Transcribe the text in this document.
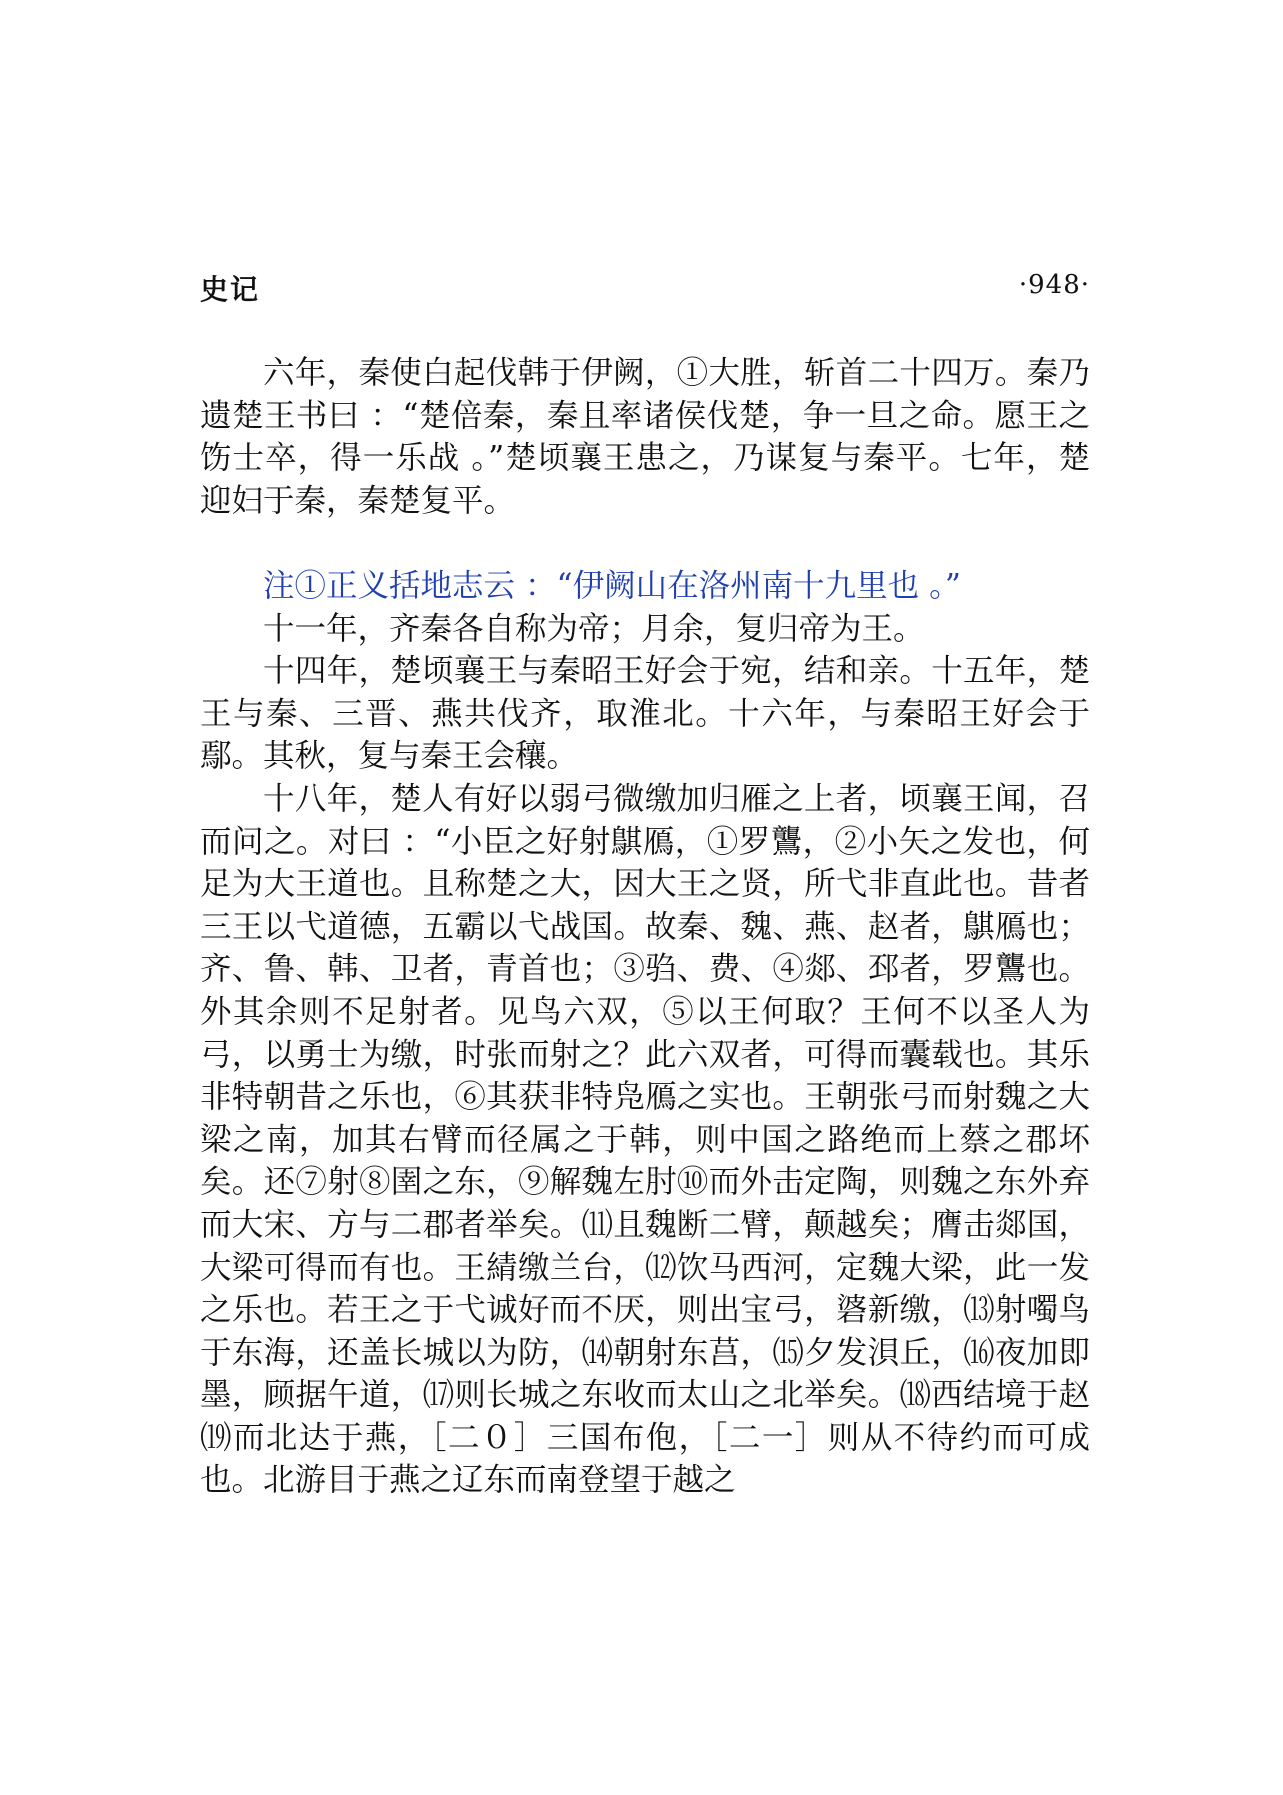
史记	·948·

六年，秦使白起伐韩于伊阙，①大胜，斩首二十四万。秦乃遗楚王书曰 ：“楚倍秦，秦且率诸侯伐楚，争一旦之命。愿王之饬士卒，得一乐战 。”楚顷襄王患之，乃谋复与秦平。七年，楚迎妇于秦，秦楚复平。

注①正义括地志云 ：“伊阙山在洛州南十九里也 。”

十一年，齐秦各自称为帝；月余，复归帝为王。

十四年，楚顷襄王与秦昭王好会于宛，结和亲。十五年，楚王与秦、三晋、燕共伐齐，取淮北。十六年，与秦昭王好会于鄢。其秋，复与秦王会穰。

十八年，楚人有好以弱弓微缴加归雁之上者，顷襄王闻，召而问之。对曰 ：“小臣之好射鶀鴈，①罗鸗，②小矢之发也，何足为大王道也。且称楚之大，因大王之贤，所弋非直此也。昔者三王以弋道德，五霸以弋战国。故秦、魏、燕、赵者，鶀鴈也；齐、鲁、韩、卫者，青首也；③驺、费、④郯、邳者，罗鸗也。外其余则不足射者。见鸟六双，⑤以王何取？王何不以圣人为弓，以勇士为缴，时张而射之？此六双者，可得而囊载也。其乐非特朝昔之乐也，⑥其获非特凫鴈之实也。王朝张弓而射魏之大梁之南，加其右臂而径属之于韩，则中国之路绝而上蔡之郡坏矣。还⑦射⑧圉之东，⑨解魏左肘⑩而外击定陶，则魏之东外弃而大宋、方与二郡者举矣。⑾且魏断二臂，颠越矣；膺击郯国，大梁可得而有也。王綪缴兰台，⑿饮马西河，定魏大梁，此一发之乐也。若王之于弋诚好而不厌，则出宝弓，碆新缴，⒀射噣鸟于东海，还盖长城以为防，⒁朝射东莒，⒂夕发浿丘，⒃夜加即墨，顾据午道，⒄则长城之东收而太山之北举矣。⒅西结境于赵⒆而北达于燕，［二０］三国布佨，［二一］则从不待约而可成也。北游目于燕之辽东而南登望于越之
